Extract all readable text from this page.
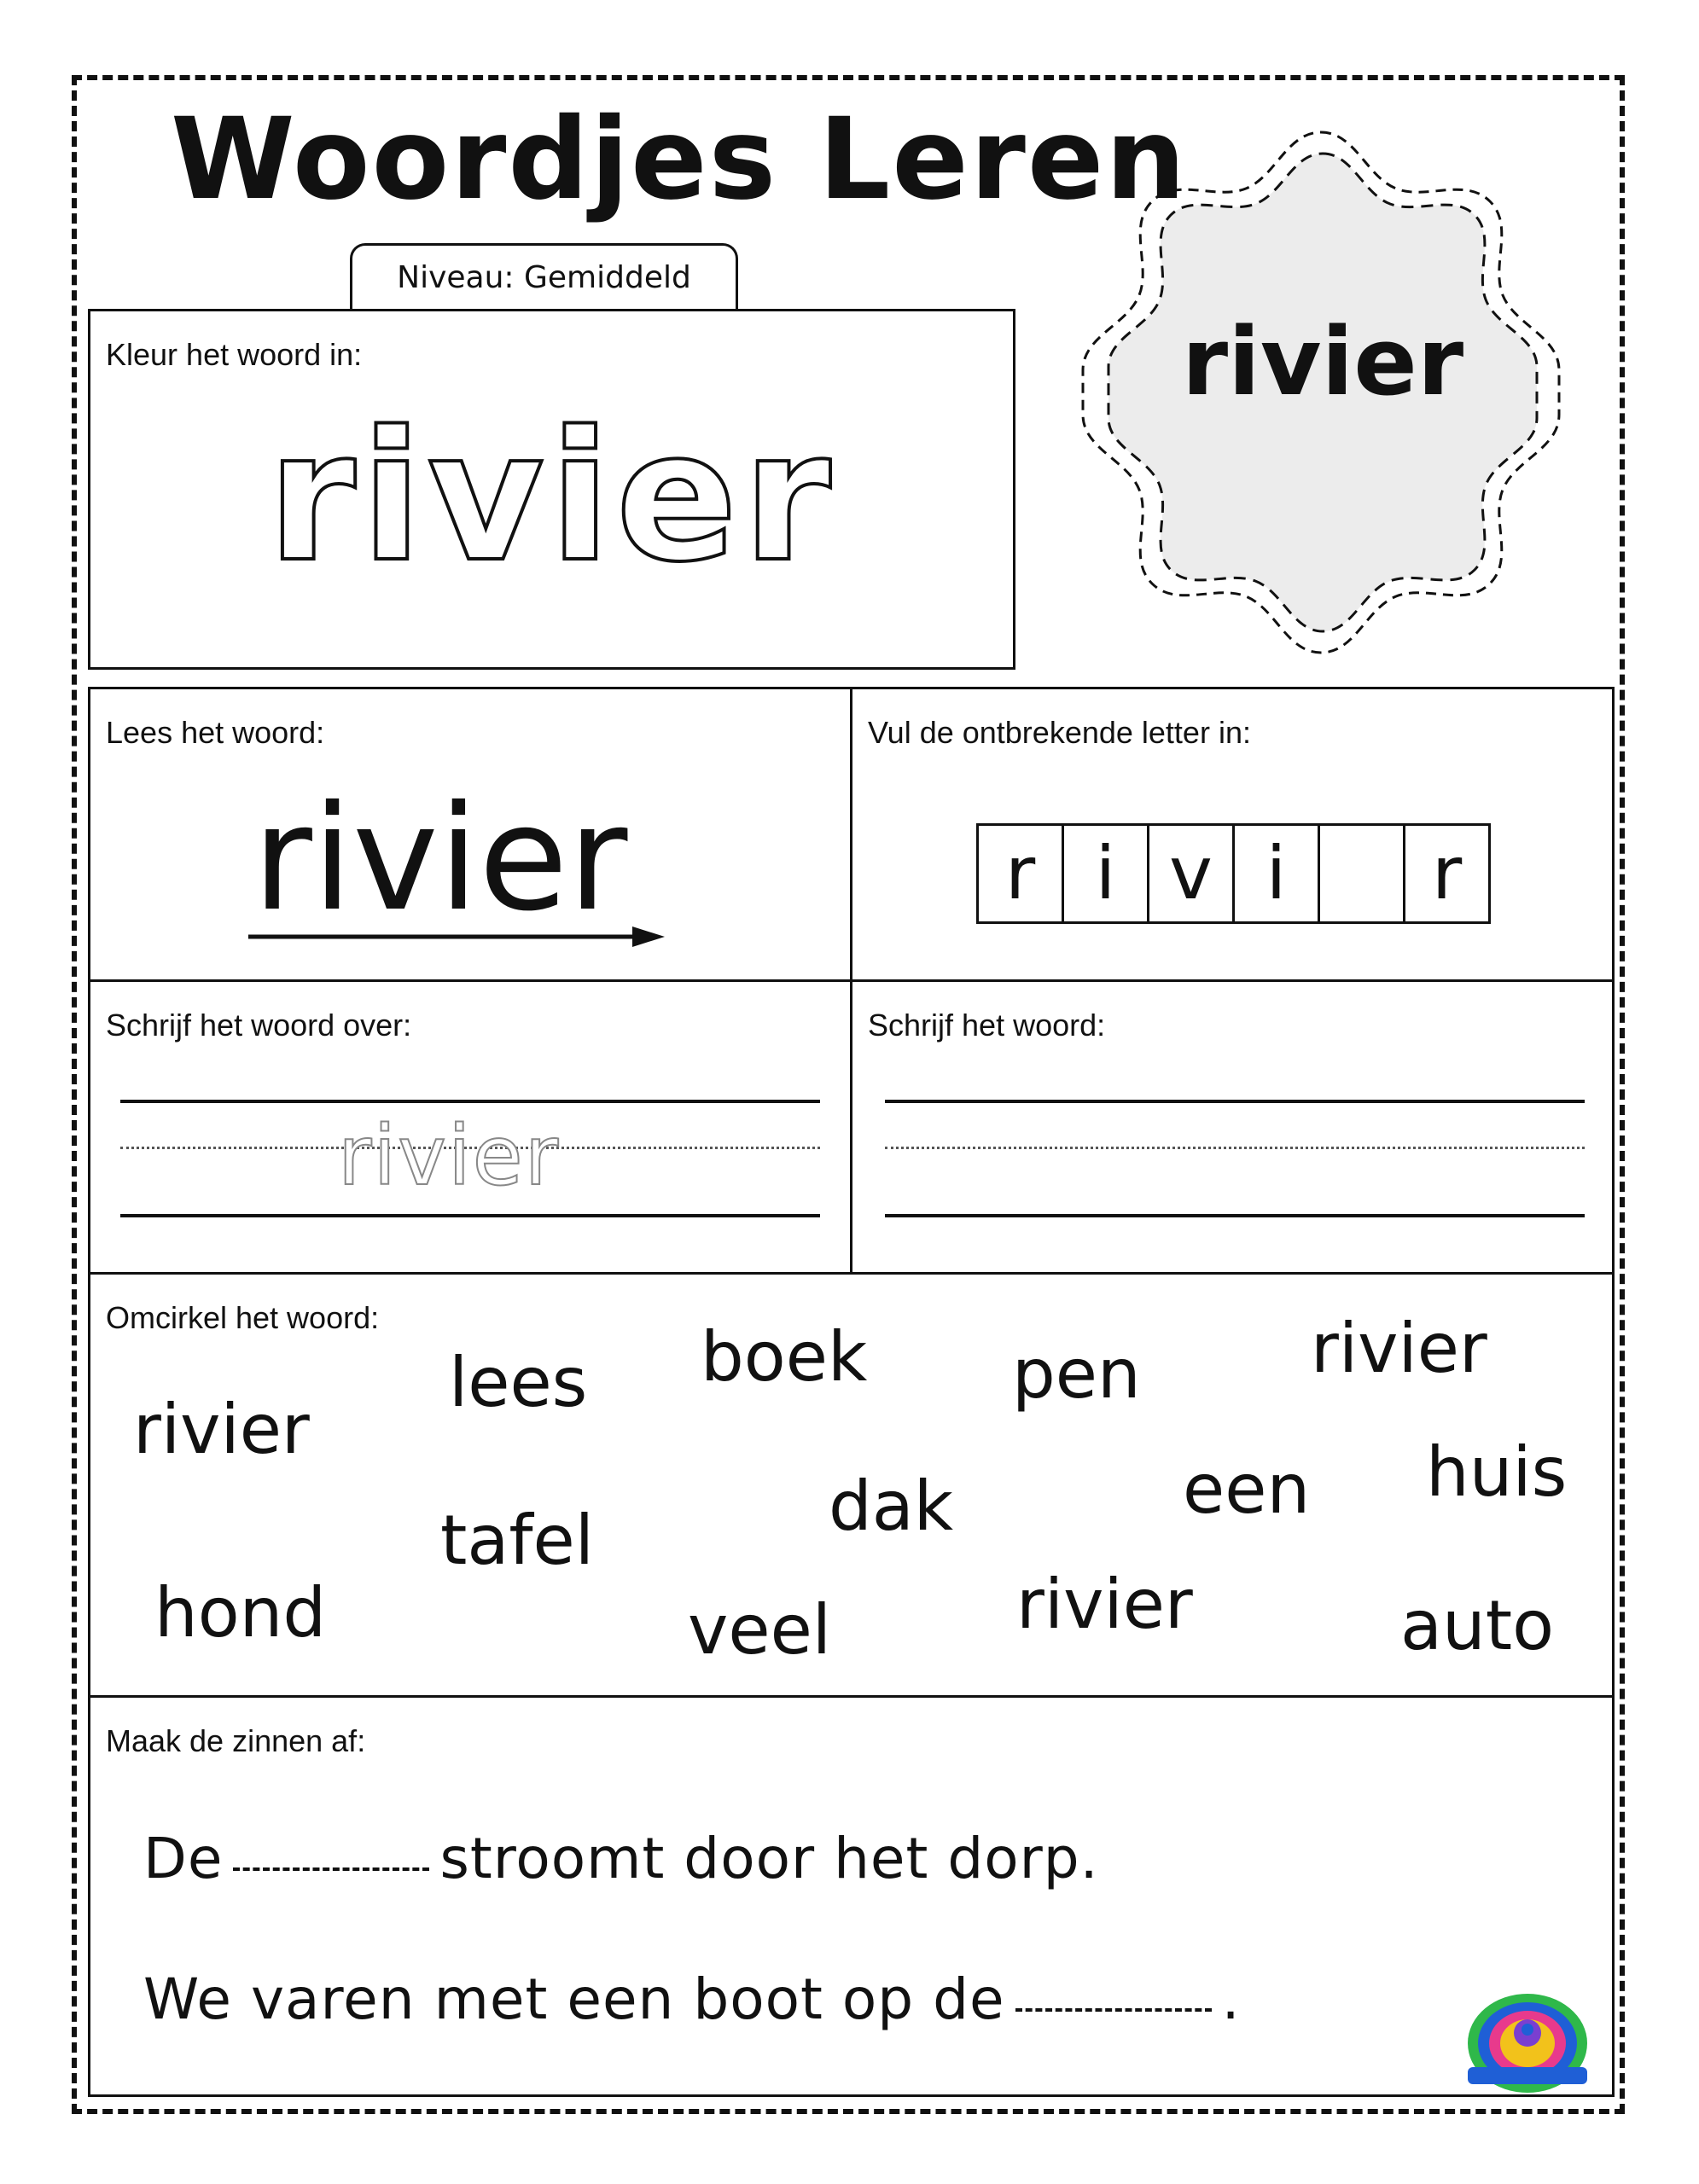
Woordjes Leren
Niveau: Gemiddeld
rivier

Kleur het woord in:

rivier

Lees het woord:

rivier

Vul de ontbrekende letter in:

r i v i	r

Schrijf het woord over:

rivier

Schrijf het woord:

Omcirkel het woord:

rivier
lees boek pen rivier
huis
dak	een
tafel
hond	veel	rivier	auto

Maak de zinnen af:

De	stroomt door het dorp.

We varen met een boot op de	.
